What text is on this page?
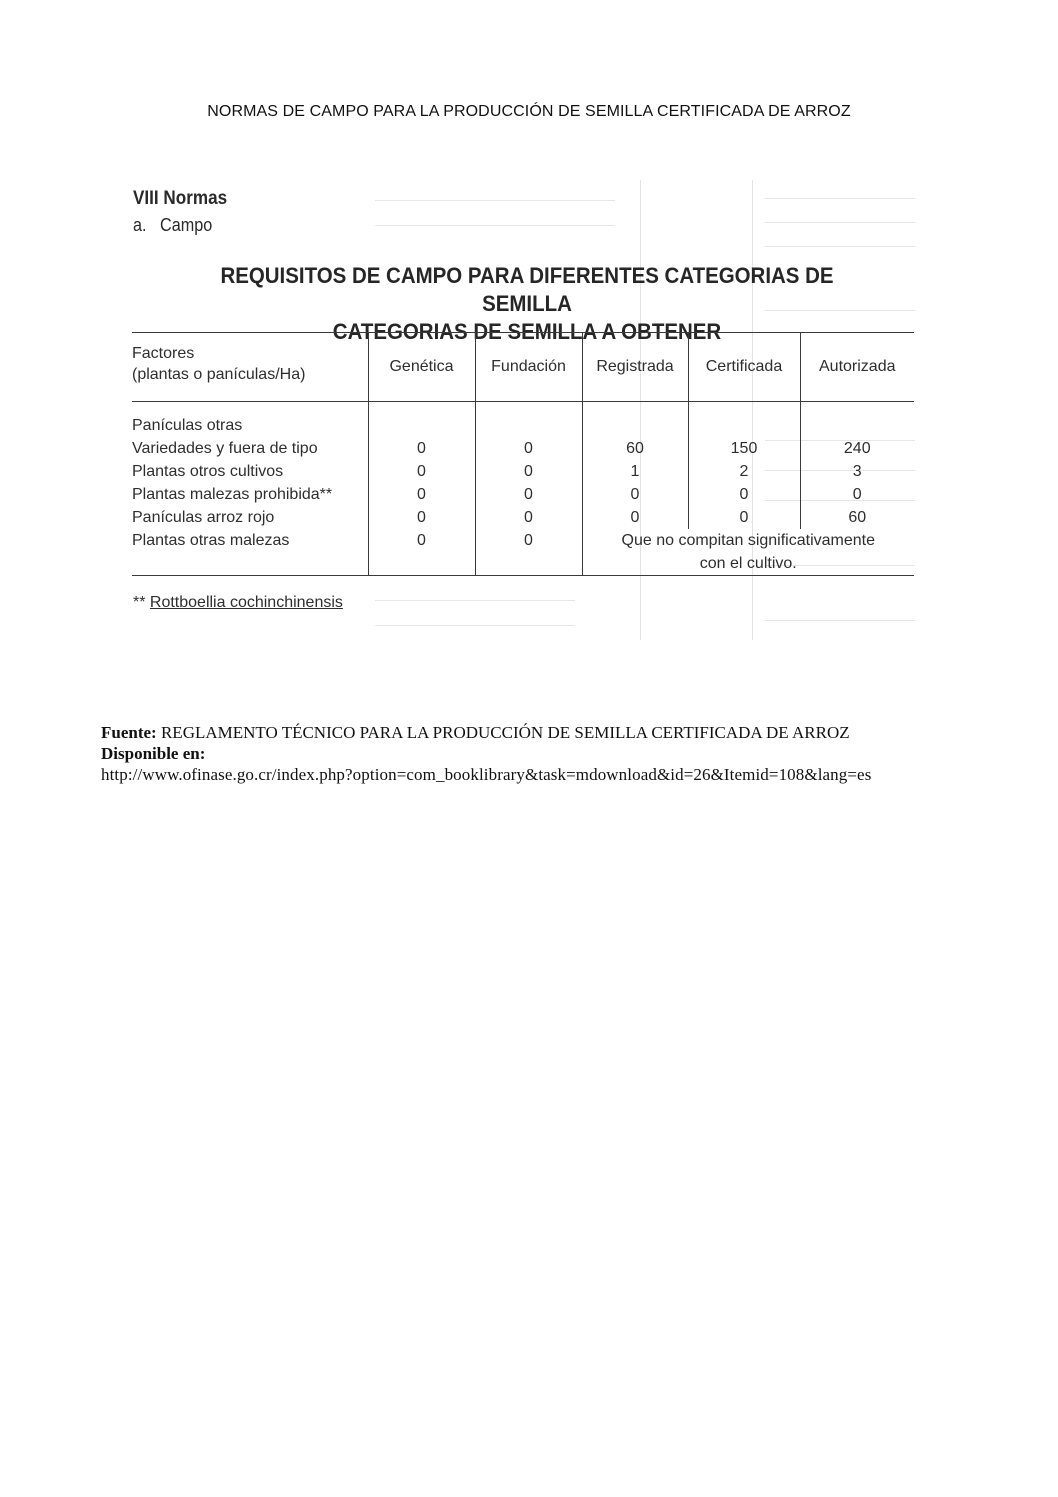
NORMAS DE CAMPO PARA LA PRODUCCIÓN DE SEMILLA CERTIFICADA DE ARROZ
VIII Normas
a.   Campo
REQUISITOS DE CAMPO PARA DIFERENTES CATEGORIAS DE SEMILLA
CATEGORIAS DE SEMILLA A OBTENER
Factores
(plantas o panículas/Ha)	Genética	Fundación	Registrada	Certificada	Autorizada
Panículas otras					
Variedades y fuera de tipo	0	0	60	150	240
Plantas otros cultivos	0	0	1	2	3
Plantas malezas prohibida**	0	0	0	0	0
Panículas arroz rojo	0	0	0	0	60
Plantas otras malezas	0	0	Que no compitan significativamente
con el cultivo.		
** Rottboellia cochinchinensis
Fuente: REGLAMENTO TÉCNICO PARA LA PRODUCCIÓN DE SEMILLA CERTIFICADA DE ARROZ
Disponible en:
http://www.ofinase.go.cr/index.php?option=com_booklibrary&task=mdownload&id=26&Itemid=108&lang=es
